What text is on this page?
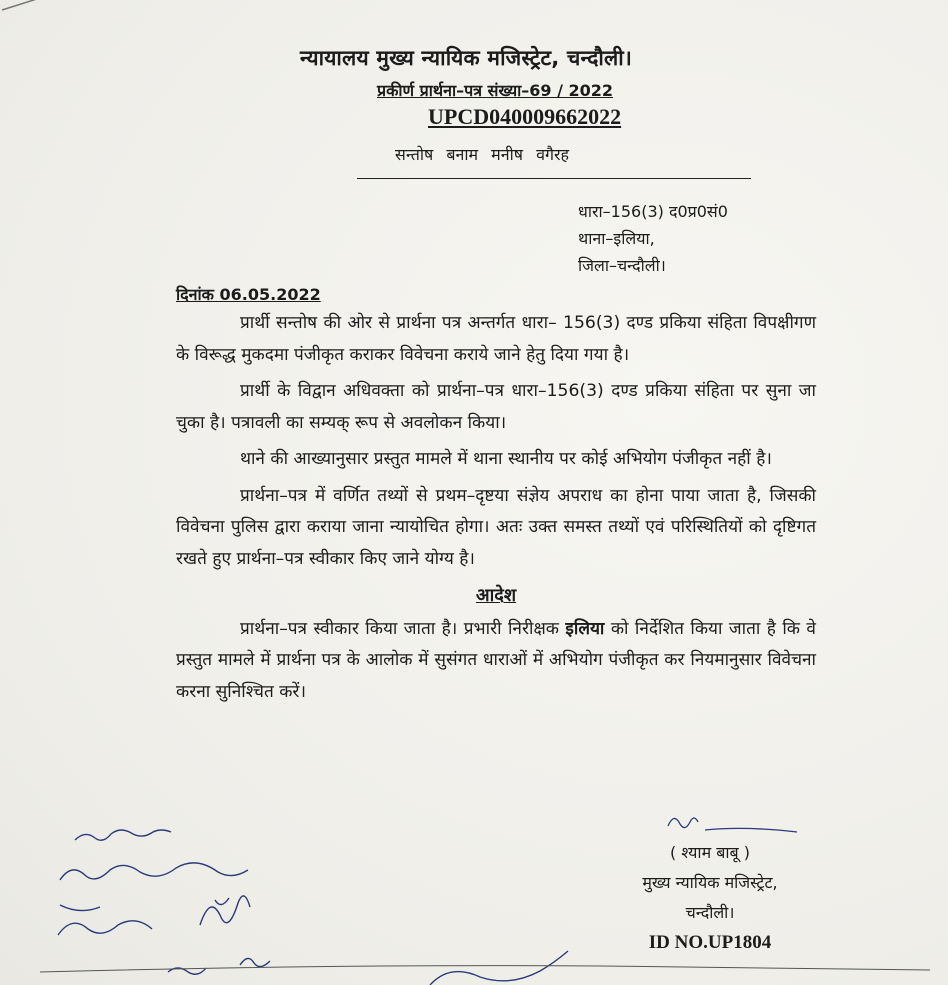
न्यायालय मुख्य न्यायिक मजिस्ट्रेट, चन्दौली।
प्रकीर्ण प्रार्थना–पत्र संख्या–69 / 2022
UPCD040009662022
सन्तोष बनाम मनीष वगैरह
धारा–156(3) द0प्र0सं0
थाना–इलिया,
जिला–चन्दौली।
दिनांक 06.05.2022

प्रार्थी सन्तोष की ओर से प्रार्थना पत्र अन्तर्गत धारा– 156(3) दण्ड प्रकिया संहिता विपक्षीगण के विरूद्ध मुकदमा पंजीकृत कराकर विवेचना कराये जाने हेतु दिया गया है।

प्रार्थी के विद्वान अधिवक्ता को प्रार्थना–पत्र धारा–156(3) दण्ड प्रकिया संहिता पर सुना जा चुका है। पत्रावली का सम्यक् रूप से अवलोकन किया।

थाने की आख्यानुसार प्रस्तुत मामले में थाना स्थानीय पर कोई अभियोग पंजीकृत नहीं है।

प्रार्थना–पत्र में वर्णित तथ्यों से प्रथम–दृष्टया संज्ञेय अपराध का होना पाया जाता है, जिसकी विवेचना पुलिस द्वारा कराया जाना न्यायोचित होगा। अतः उक्त समस्त तथ्यों एवं परिस्थितियों को दृष्टिगत रखते हुए प्रार्थना–पत्र स्वीकार किए जाने योग्य है।

आदेश

प्रार्थना–पत्र स्वीकार किया जाता है। प्रभारी निरीक्षक इलिया को निर्देशित किया जाता है कि वे प्रस्तुत मामले में प्रार्थना पत्र के आलोक में सुसंगत धाराओं में अभियोग पंजीकृत कर नियमानुसार विवेचना करना सुनिश्चित करें।

( श्याम बाबू )
मुख्य न्यायिक मजिस्ट्रेट,
चन्दौली।
ID NO.UP1804
